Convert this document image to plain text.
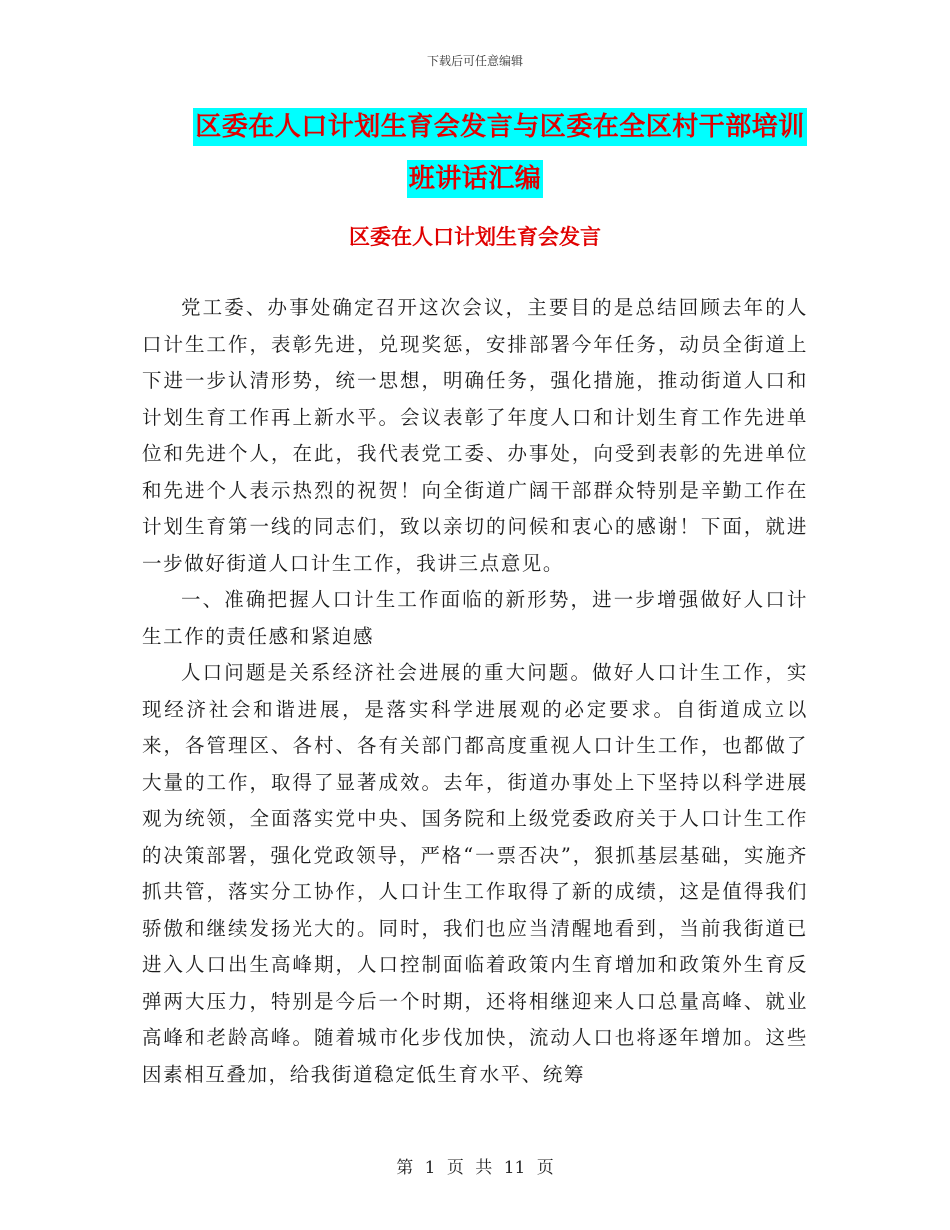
下载后可任意编辑
区委在人口计划生育会发言与区委在全区村干部培训
班讲话汇编
区委在人口计划生育会发言

党工委、办事处确定召开这次会议，主要目的是总结回顾去年的人口计生工作，表彰先进，兑现奖惩，安排部署今年任务，动员全街道上下进一步认清形势，统一思想，明确任务，强化措施，推动街道人口和计划生育工作再上新水平。会议表彰了年度人口和计划生育工作先进单位和先进个人，在此，我代表党工委、办事处，向受到表彰的先进单位和先进个人表示热烈的祝贺！向全街道广阔干部群众特别是辛勤工作在计划生育第一线的同志们，致以亲切的问候和衷心的感谢！下面，就进一步做好街道人口计生工作，我讲三点意见。

一、准确把握人口计生工作面临的新形势，进一步增强做好人口计生工作的责任感和紧迫感

人口问题是关系经济社会进展的重大问题。做好人口计生工作，实现经济社会和谐进展，是落实科学进展观的必定要求。自街道成立以来，各管理区、各村、各有关部门都高度重视人口计生工作，也都做了大量的工作，取得了显著成效。去年，街道办事处上下坚持以科学进展观为统领，全面落实党中央、国务院和上级党委政府关于人口计生工作的决策部署，强化党政领导，严格“一票否决”，狠抓基层基础，实施齐抓共管，落实分工协作，人口计生工作取得了新的成绩，这是值得我们骄傲和继续发扬光大的。同时，我们也应当清醒地看到，当前我街道已进入人口出生高峰期，人口控制面临着政策内生育增加和政策外生育反弹两大压力，特别是今后一个时期，还将相继迎来人口总量高峰、就业高峰和老龄高峰。随着城市化步伐加快，流动人口也将逐年增加。这些因素相互叠加，给我街道稳定低生育水平、统筹

第 1 页 共 11 页
